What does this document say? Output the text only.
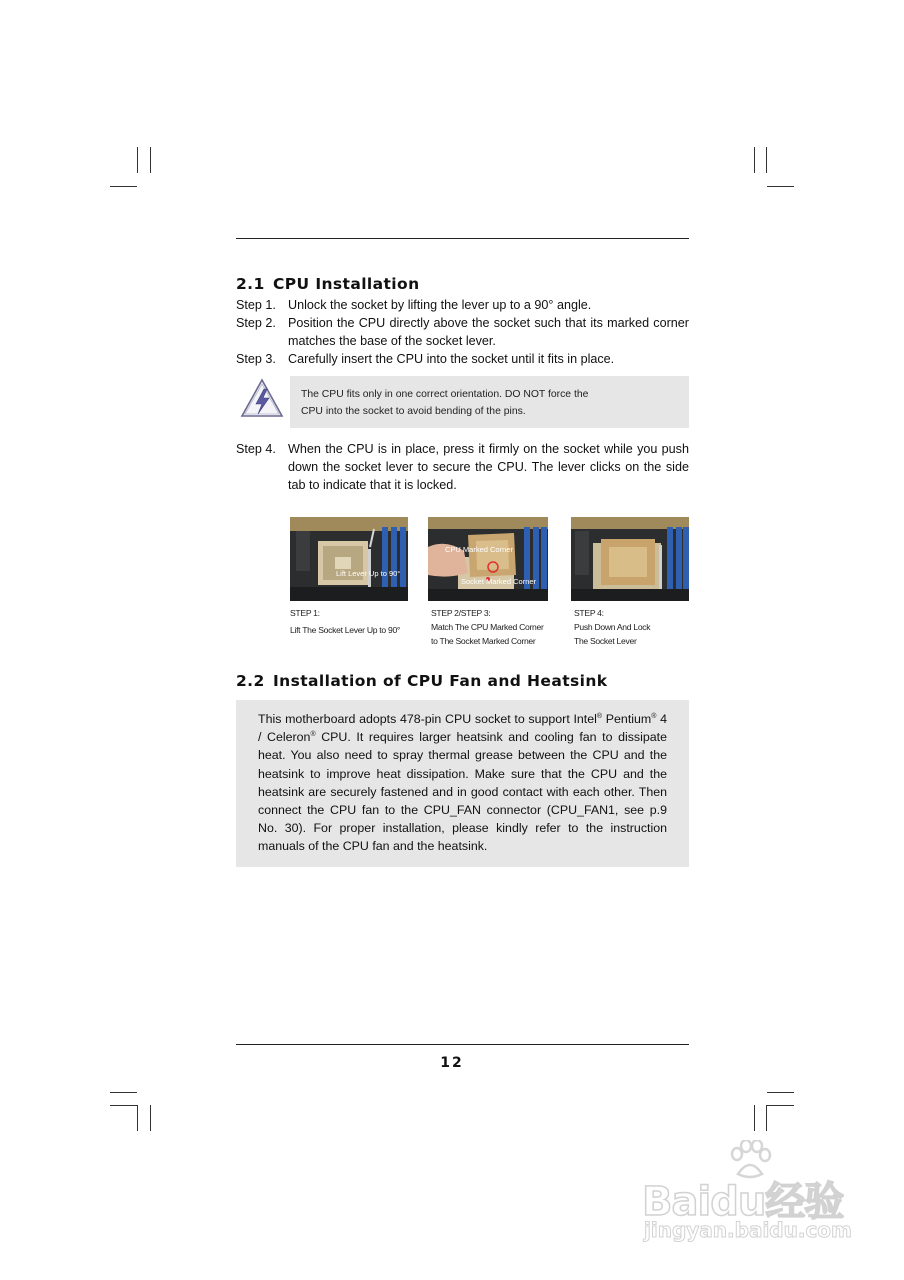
2.1 CPU Installation
Step 1. Unlock the socket by lifting the lever up to a 90° angle.
Step 2. Position the CPU directly above the socket such that its marked corner matches the base of the socket lever.
Step 3. Carefully insert the CPU into the socket until it fits in place.

The CPU fits only in one correct orientation. DO NOT force the
CPU into the socket to avoid bending of the pins.

Step 4. When the CPU is in place, press it firmly on the socket while you push down the socket lever to secure the CPU. The lever clicks on the side tab to indicate that it is locked.
Lift Lever Up to 90°
CPU Marked Corner
Socket Marked Corner
STEP 1:
Lift The Socket Lever Up to 90°
STEP 2/STEP 3:
Match The CPU Marked Corner
to The Socket Marked Corner
STEP 4:
Push Down And Lock
The Socket Lever
2.2 Installation of CPU Fan and Heatsink

This motherboard adopts 478-pin CPU socket to support Intel® Pentium® 4 / Celeron® CPU. It requires larger heatsink and cooling fan to dissipate heat. You also need to spray thermal grease between the CPU and the heatsink to improve heat dissipation. Make sure that the CPU and the heatsink are securely fastened and in good contact with each other. Then connect the CPU fan to the CPU_FAN connector (CPU_FAN1, see p.9 No. 30). For proper installation, please kindly refer to the instruction manuals of the CPU fan and the heatsink.

12
Baidu经验
jingyan.baidu.com
